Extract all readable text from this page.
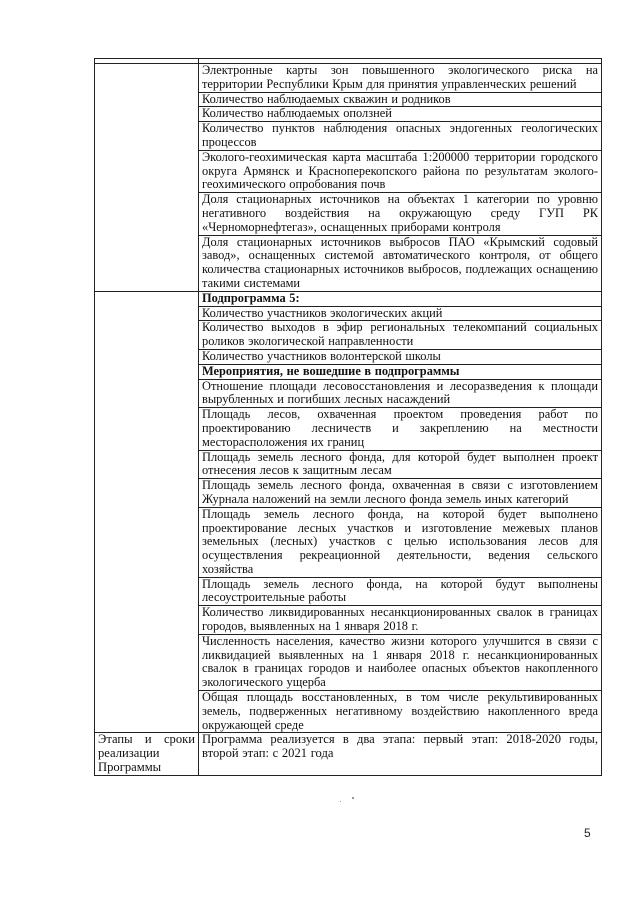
	Электронные карты зон повышенного экологического риска на территории Республики Крым для принятия управленческих решений
	Количество наблюдаемых скважин и родников
	Количество наблюдаемых оползней
	Количество пунктов наблюдения опасных эндогенных геологических процессов
	Эколого-геохимическая карта масштаба 1:200000 территории городского округа Армянск и Красноперекопского района по результатам эколого-геохимического опробования почв
	Доля стационарных источников на объектах 1 категории по уровню негативного воздействия на окружающую среду ГУП РК «Черноморнефтегаз», оснащенных приборами контроля
	Доля стационарных источников выбросов ПАО «Крымский содовый завод», оснащенных системой автоматического контроля, от общего количества стационарных источников выбросов, подлежащих оснащению такими системами
	Подпрограмма 5:
	Количество участников экологических акций
	Количество выходов в эфир региональных телекомпаний социальных роликов экологической направленности
	Количество участников волонтерской школы
	Мероприятия, не вошедшие в подпрограммы
	Отношение площади лесовосстановления и лесоразведения к площади вырубленных и погибших лесных насаждений
	Площадь лесов, охваченная проектом проведения работ по проектированию лесничеств и закреплению на местности месторасположения их границ
	Площадь земель лесного фонда, для которой будет выполнен проект отнесения лесов к защитным лесам
	Площадь земель лесного фонда, охваченная в связи с изготовлением Журнала наложений на земли лесного фонда земель иных категорий
	Площадь земель лесного фонда, на которой будет выполнено проектирование лесных участков и изготовление межевых планов земельных (лесных) участков с целью использования лесов для осуществления рекреационной деятельности, ведения сельского хозяйства
	Площадь земель лесного фонда, на которой будут выполнены лесоустроительные работы
	Количество ликвидированных несанкционированных свалок в границах городов, выявленных на 1 января 2018 г.
	Численность населения, качество жизни которого улучшится в связи с ликвидацией выявленных на 1 января 2018 г. несанкционированных свалок в границах городов и наиболее опасных объектов накопленного экологического ущерба
	Общая площадь восстановленных, в том числе рекультивированных земель, подверженных негативному воздействию накопленного вреда окружающей среде
Этапы и сроки реализации Программы	Программа реализуется в два этапа: первый этап: 2018-2020 годы, второй этап: с 2021 года
5
